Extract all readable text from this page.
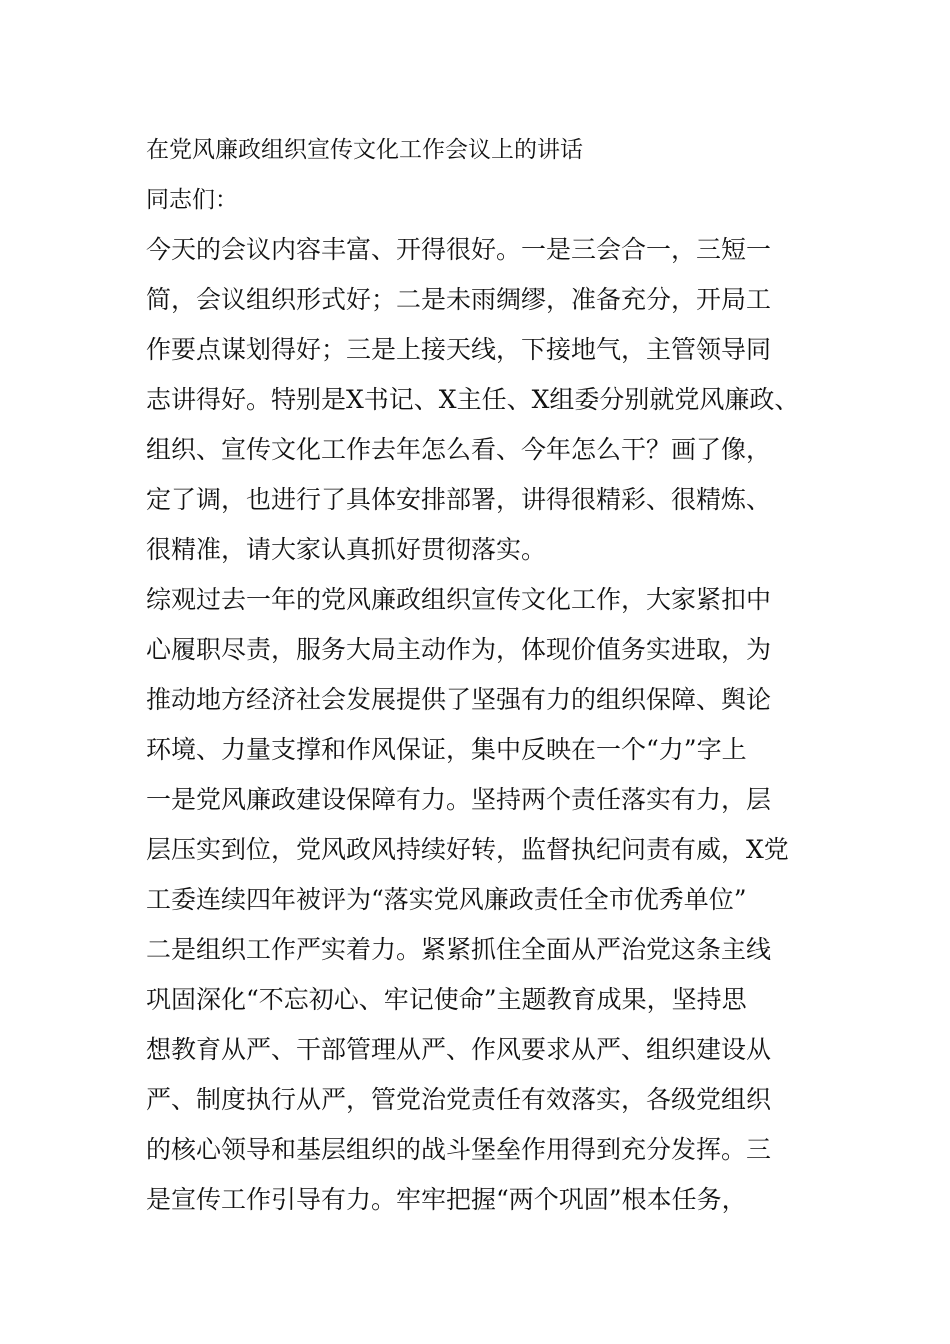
在党风廉政组织宣传文化工作会议上的讲话
同志们：
今天的会议内容丰富、开得很好。一是三会合一，三短一
简，会议组织形式好；二是未雨绸缪，准备充分，开局工
作要点谋划得好；三是上接天线，下接地气，主管领导同
志讲得好。特别是X书记、X主任、X组委分别就党风廉政、
组织、宣传文化工作去年怎么看、今年怎么干？画了像，
定了调，也进行了具体安排部署，讲得很精彩、很精炼、
很精准，请大家认真抓好贯彻落实。
综观过去一年的党风廉政组织宣传文化工作，大家紧扣中
心履职尽责，服务大局主动作为，体现价值务实进取，为
推动地方经济社会发展提供了坚强有力的组织保障、舆论
环境、力量支撑和作风保证，集中反映在一个“力”字上
一是党风廉政建设保障有力。坚持两个责任落实有力，层
层压实到位，党风政风持续好转，监督执纪问责有威，X党
工委连续四年被评为“落实党风廉政责任全市优秀单位”
二是组织工作严实着力。紧紧抓住全面从严治党这条主线
巩固深化“不忘初心、牢记使命”主题教育成果，坚持思
想教育从严、干部管理从严、作风要求从严、组织建设从
严、制度执行从严，管党治党责任有效落实，各级党组织
的核心领导和基层组织的战斗堡垒作用得到充分发挥。三
是宣传工作引导有力。牢牢把握“两个巩固”根本任务，
